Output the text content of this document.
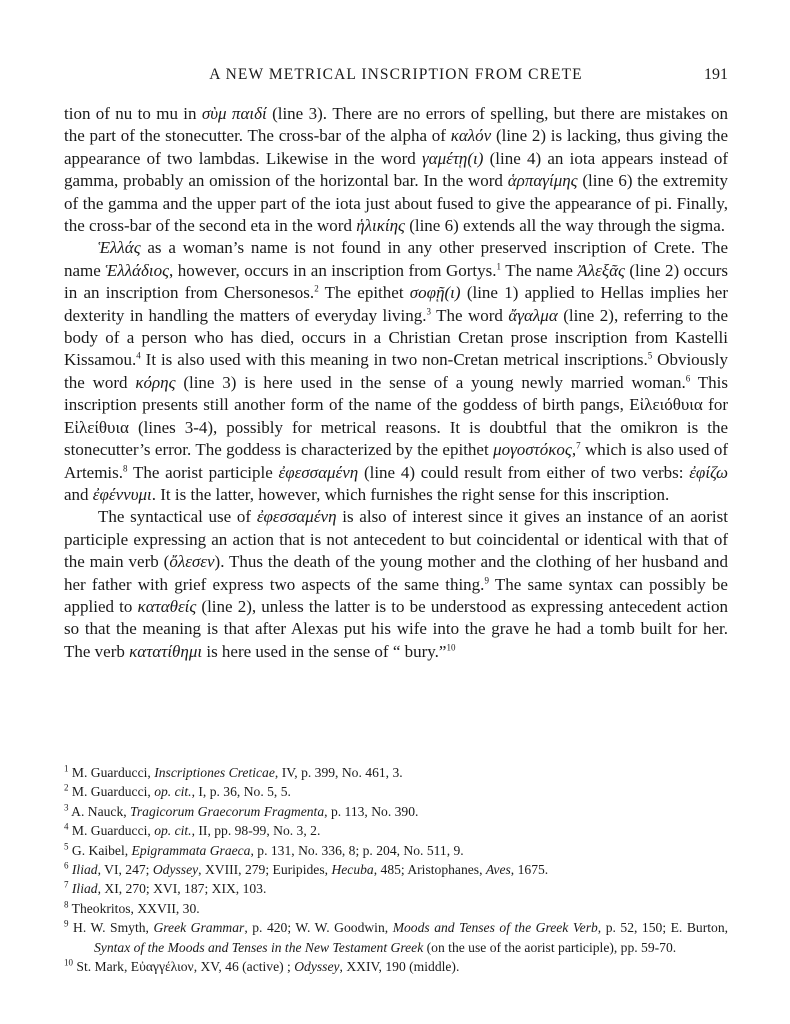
A NEW METRICAL INSCRIPTION FROM CRETE	191

tion of nu to mu in σὺμ παιδί (line 3). There are no errors of spelling, but there are mistakes on the part of the stonecutter. The cross-bar of the alpha of καλόν (line 2) is lacking, thus giving the appearance of two lambdas. Likewise in the word γαμέτῃ(ι) (line 4) an iota appears instead of gamma, probably an omission of the horizontal bar. In the word ἁρπαγίμης (line 6) the extremity of the gamma and the upper part of the iota just about fused to give the appearance of pi. Finally, the cross-bar of the second eta in the word ἡλικίης (line 6) extends all the way through the sigma.

Ἑλλάς as a woman’s name is not found in any other preserved inscription of Crete. The name Ἑλλάδιος, however, occurs in an inscription from Gortys.$^1$ The name Ἀλεξᾶς (line 2) occurs in an inscription from Chersonesos.$^2$ The epithet σοφῇ(ι) (line 1) applied to Hellas implies her dexterity in handling the matters of everyday living.$^3$ The word ἄγαλμα (line 2), referring to the body of a person who has died, occurs in a Christian Cretan prose inscription from Kastelli Kissamou.$^4$ It is also used with this meaning in two non-Cretan metrical inscriptions.$^5$ Obviously the word κόρης (line 3) is here used in the sense of a young newly married woman.$^6$ This inscription presents still another form of the name of the goddess of birth pangs, Εἰλειόθυια for Εἰλείθυια (lines 3-4), possibly for metrical reasons. It is doubtful that the omikron is the stonecutter’s error. The goddess is characterized by the epithet μογοστόκος,$^7$ which is also used of Artemis.$^8$ The aorist participle ἐφεσσαμένη (line 4) could result from either of two verbs: ἐφίζω and ἐφέννυμι. It is the latter, however, which furnishes the right sense for this inscription.

The syntactical use of ἐφεσσαμένη is also of interest since it gives an instance of an aorist participle expressing an action that is not antecedent to but coincidental or identical with that of the main verb (ὄλεσεν). Thus the death of the young mother and the clothing of her husband and her father with grief express two aspects of the same thing.$^9$ The same syntax can possibly be applied to καταθείς (line 2), unless the latter is to be understood as expressing antecedent action so that the meaning is that after Alexas put his wife into the grave he had a tomb built for her. The verb κατατίθημι is here used in the sense of “ bury.”$^{10}$

$^1$ M. Guarducci, Inscriptiones Creticae, IV, p. 399, No. 461, 3.
$^2$ M. Guarducci, op. cit., I, p. 36, No. 5, 5.
$^3$ A. Nauck, Tragicorum Graecorum Fragmenta, p. 113, No. 390.
$^4$ M. Guarducci, op. cit., II, pp. 98-99, No. 3, 2.
$^5$ G. Kaibel, Epigrammata Graeca, p. 131, No. 336, 8; p. 204, No. 511, 9.
$^6$ Iliad, VI, 247; Odyssey, XVIII, 279; Euripides, Hecuba, 485; Aristophanes, Aves, 1675.
$^7$ Iliad, XI, 270; XVI, 187; XIX, 103.
$^8$ Theokritos, XXVII, 30.
$^9$ H. W. Smyth, Greek Grammar, p. 420; W. W. Goodwin, Moods and Tenses of the Greek Verb, p. 52, 150; E. Burton, Syntax of the Moods and Tenses in the New Testament Greek (on the use of the aorist participle), pp. 59-70.
$^{10}$ St. Mark, Εὐαγγέλιον, XV, 46 (active) ; Odyssey, XXIV, 190 (middle).
